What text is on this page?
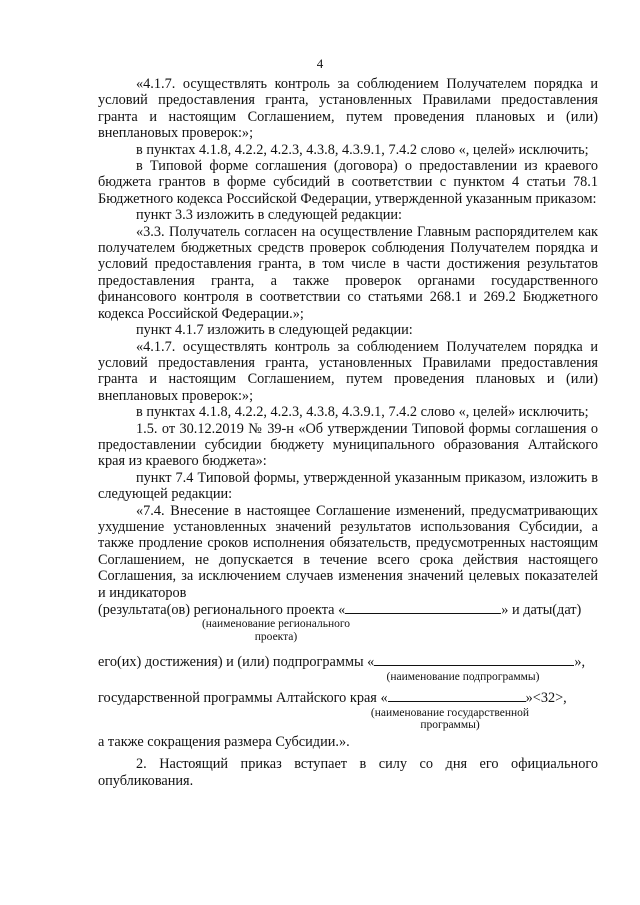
4

«4.1.7. осуществлять контроль за соблюдением Получателем порядка и условий предоставления гранта, установленных Правилами предоставления гранта и настоящим Соглашением, путем проведения плановых и (или) внеплановых проверок:»;

в пунктах 4.1.8, 4.2.2, 4.2.3, 4.3.8, 4.3.9.1, 7.4.2 слово «, целей» исключить;

в Типовой форме соглашения (договора) о предоставлении из краевого бюджета грантов в форме субсидий в соответствии с пунктом 4 статьи 78.1 Бюджетного кодекса Российской Федерации, утвержденной указанным приказом:

пункт 3.3 изложить в следующей редакции:

«3.3. Получатель согласен на осуществление Главным распорядителем как получателем бюджетных средств проверок соблюдения Получателем порядка и условий предоставления гранта, в том числе в части достижения результатов предоставления гранта, а также проверок органами государственного финансового контроля в соответствии со статьями 268.1 и 269.2 Бюджетного кодекса Российской Федерации.»;

пункт 4.1.7 изложить в следующей редакции:

«4.1.7. осуществлять контроль за соблюдением Получателем порядка и условий предоставления гранта, установленных Правилами предоставления гранта и настоящим Соглашением, путем проведения плановых и (или) внеплановых проверок:»;

в пунктах 4.1.8, 4.2.2, 4.2.3, 4.3.8, 4.3.9.1, 7.4.2 слово «, целей» исключить;

1.5. от 30.12.2019 № 39-н «Об утверждении Типовой формы соглашения о предоставлении субсидии бюджету муниципального образования Алтайского края из краевого бюджета»:

пункт 7.4 Типовой формы, утвержденной указанным приказом, изложить в следующей редакции:

«7.4. Внесение в настоящее Соглашение изменений, предусматривающих ухудшение установленных значений результатов использования Субсидии, а также продление сроков исполнения обязательств, предусмотренных настоящим Соглашением, не допускается в течение всего срока действия настоящего Соглашения, за исключением случаев изменения значений целевых показателей и индикаторов

(результата(ов) регионального проекта «	» и даты(дат)
(наименование регионального
проекта)
его(их) достижения) и (или) подпрограммы «	»,
(наименование подпрограммы)
государственной программы Алтайского края «	»<32>,
(наименование государственной
программы)
а также сокращения размера Субсидии.».

2. Настоящий приказ вступает в силу со дня его официального опубликования.
